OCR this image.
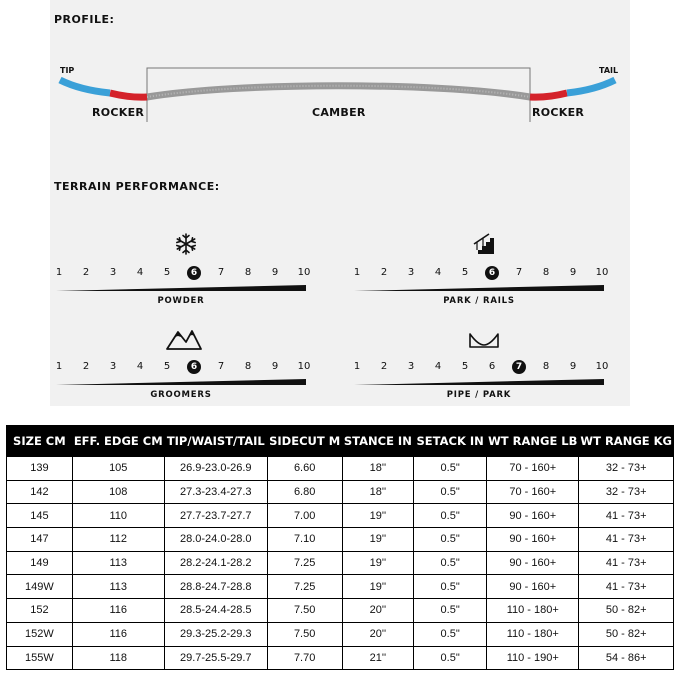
PROFILE:
TIP	TAIL
ROCKER	CAMBER	ROCKER
TERRAIN PERFORMANCE:
1	2	3	4	5	6	7	8	9	10
POWDER
1	2	3	4	5	6	7	8	9	10
PARK / RAILS
1	2	3	4	5	6	7	8	9	10
GROOMERS
1	2	3	4	5	6	7	8	9	10
PIPE / PARK
SIZE CM	EFF. EDGE CM	TIP/WAIST/TAIL	SIDECUT M	STANCE IN	SETACK IN	WT RANGE LB	WT RANGE KG
139	105	26.9-23.0-26.9	6.60	18''	0.5"	70 - 160+	32 - 73+
142	108	27.3-23.4-27.3	6.80	18''	0.5"	70 - 160+	32 - 73+
145	110	27.7-23.7-27.7	7.00	19''	0.5"	90 - 160+	41 - 73+
147	112	28.0-24.0-28.0	7.10	19''	0.5"	90 - 160+	41 - 73+
149	113	28.2-24.1-28.2	7.25	19''	0.5"	90 - 160+	41 - 73+
149W	113	28.8-24.7-28.8	7.25	19''	0.5"	90 - 160+	41 - 73+
152	116	28.5-24.4-28.5	7.50	20''	0.5"	110 - 180+	50 - 82+
152W	116	29.3-25.2-29.3	7.50	20''	0.5"	110 - 180+	50 - 82+
155W	118	29.7-25.5-29.7	7.70	21''	0.5"	110 - 190+	54 - 86+
